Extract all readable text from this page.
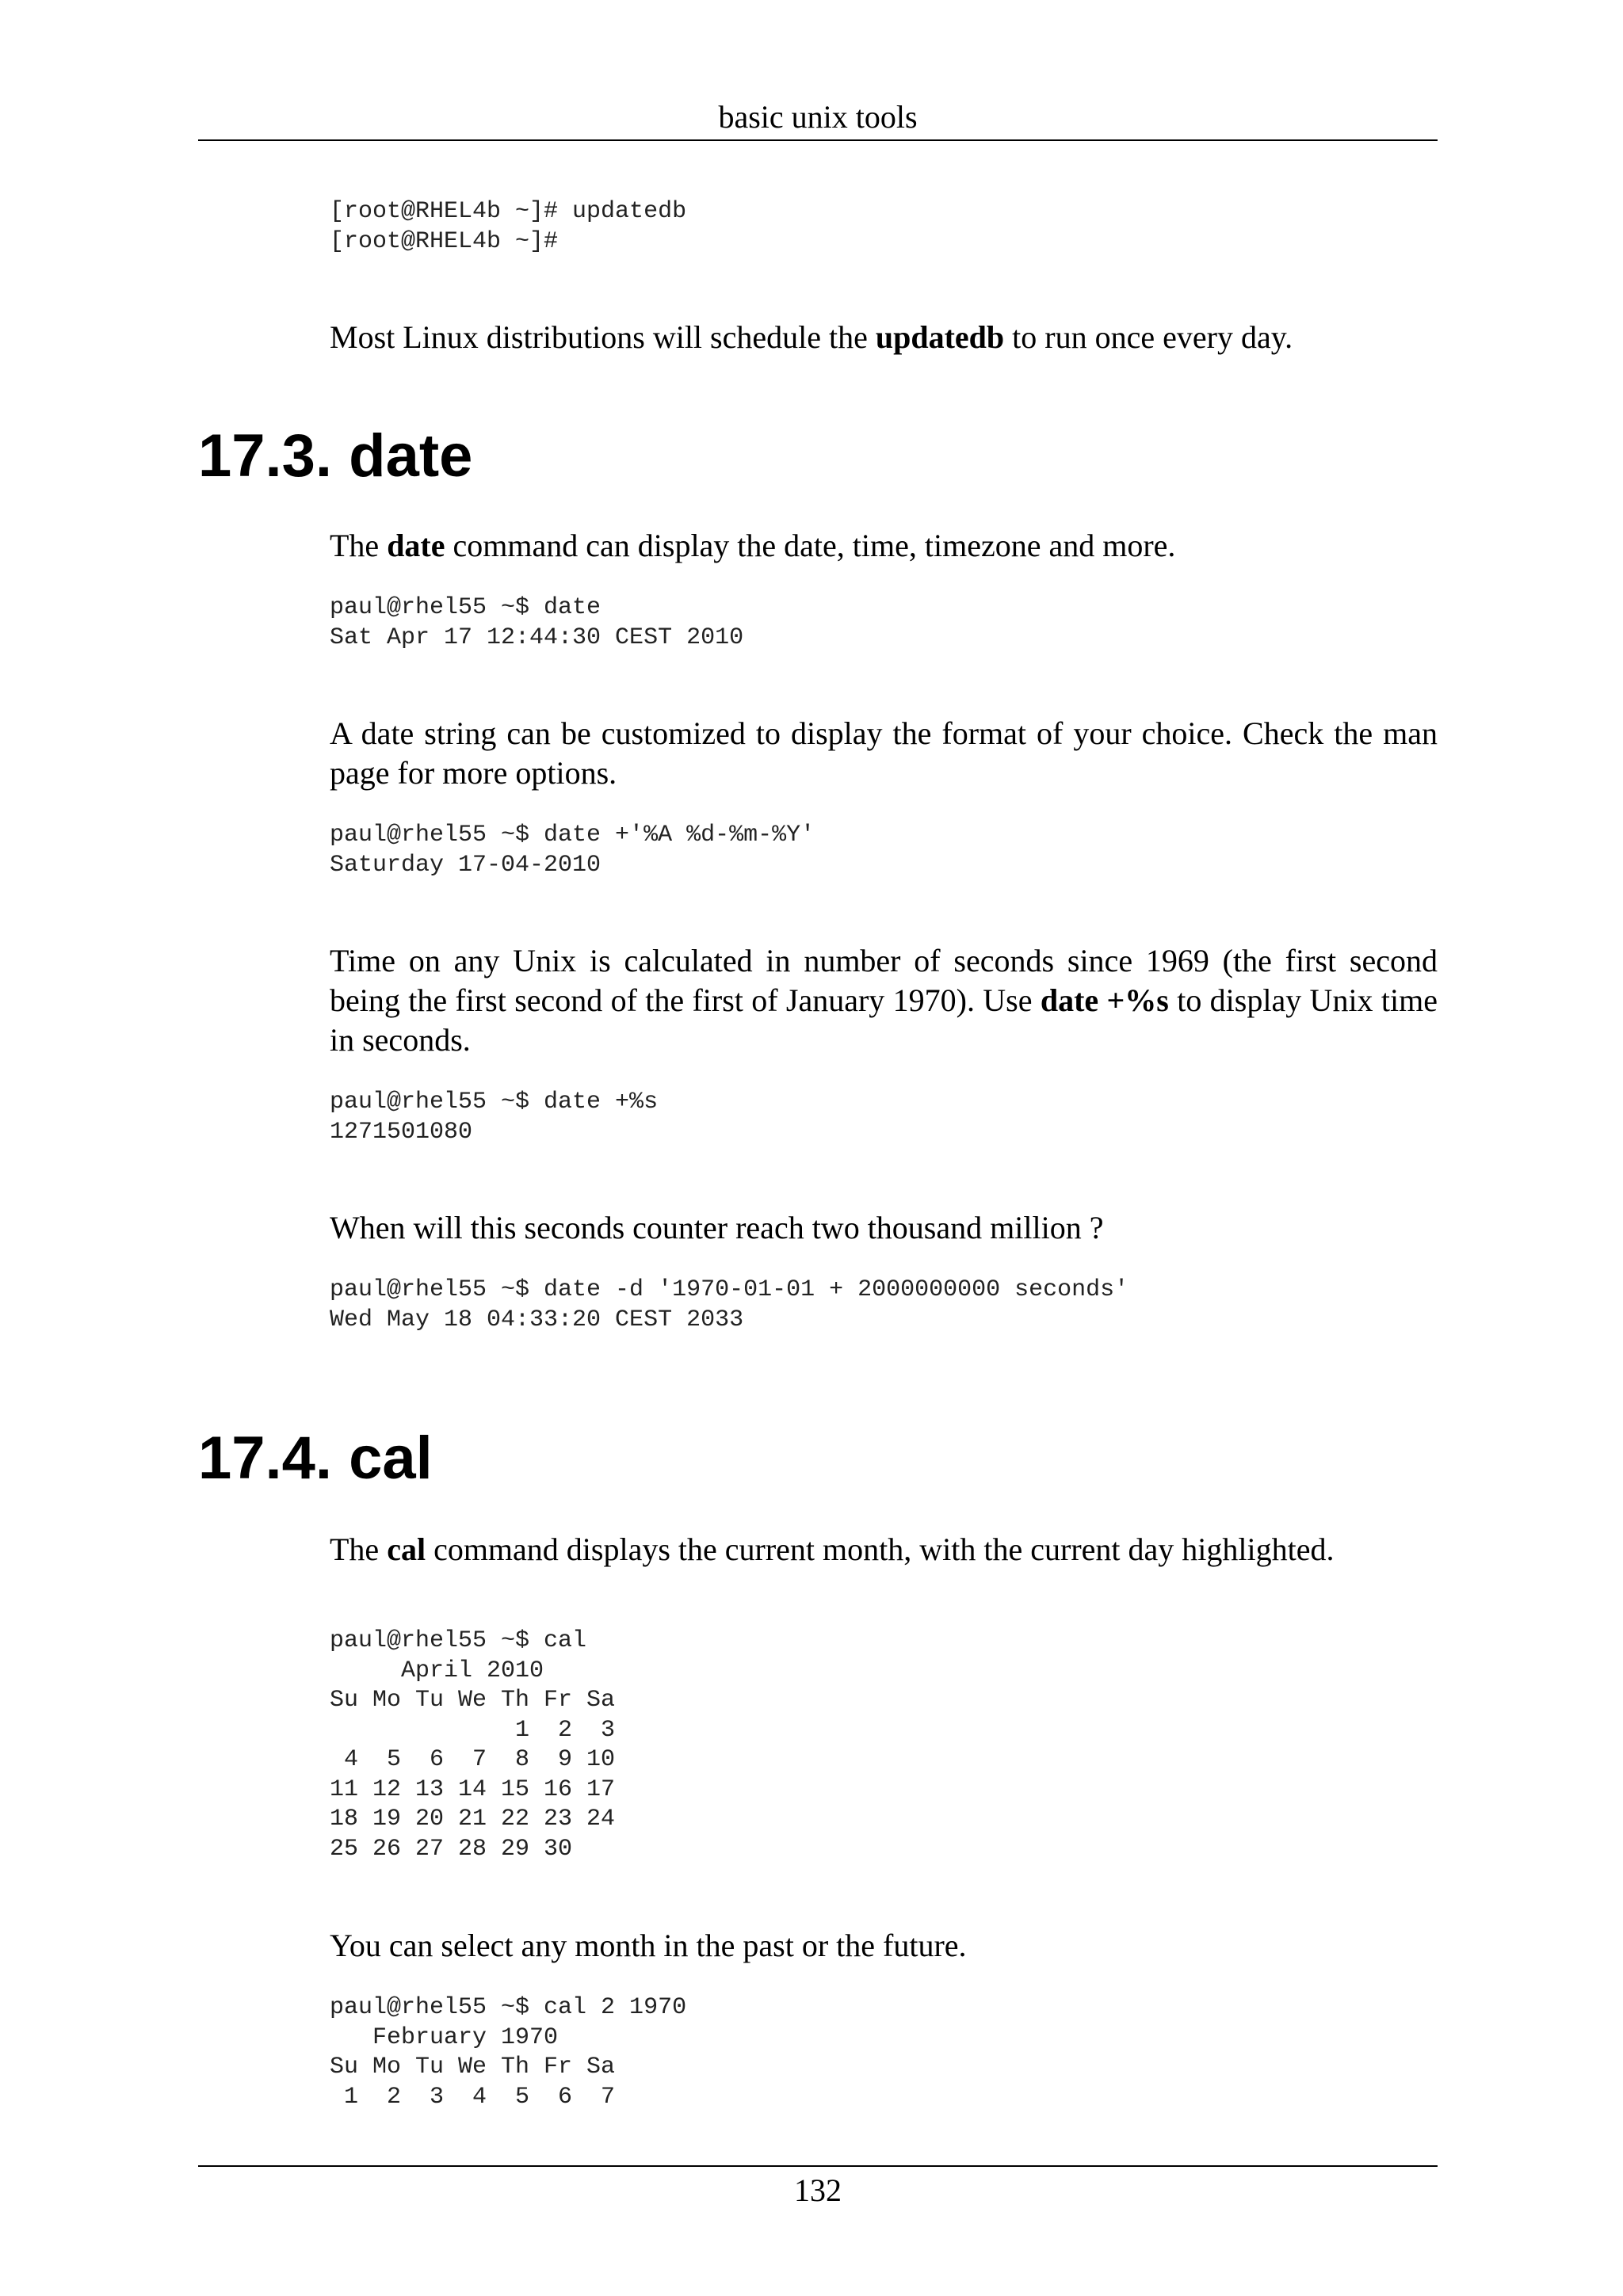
basic unix tools
[root@RHEL4b ~]# updatedb
[root@RHEL4b ~]#

Most Linux distributions will schedule the updatedb to run once every day.

17.3. date

The date command can display the date, time, timezone and more.

paul@rhel55 ~$ date
Sat Apr 17 12:44:30 CEST 2010

A date string can be customized to display the format of your choice. Check the man page for more options.

paul@rhel55 ~$ date +'%A %d-%m-%Y'
Saturday 17-04-2010

Time on any Unix is calculated in number of seconds since 1969 (the first second being the first second of the first of January 1970). Use date +%s to display Unix time in seconds.

paul@rhel55 ~$ date +%s
1271501080

When will this seconds counter reach two thousand million ?

paul@rhel55 ~$ date -d '1970-01-01 + 2000000000 seconds'
Wed May 18 04:33:20 CEST 2033
17.4. cal

The cal command displays the current month, with the current day highlighted.

paul@rhel55 ~$ cal
April 2010
Su Mo Tu We Th Fr Sa
1  2  3
4  5  6  7  8  9 10
11 12 13 14 15 16 17
18 19 20 21 22 23 24
25 26 27 28 29 30

You can select any month in the past or the future.

paul@rhel55 ~$ cal 2 1970
February 1970
Su Mo Tu We Th Fr Sa
1  2  3  4  5  6  7
132
